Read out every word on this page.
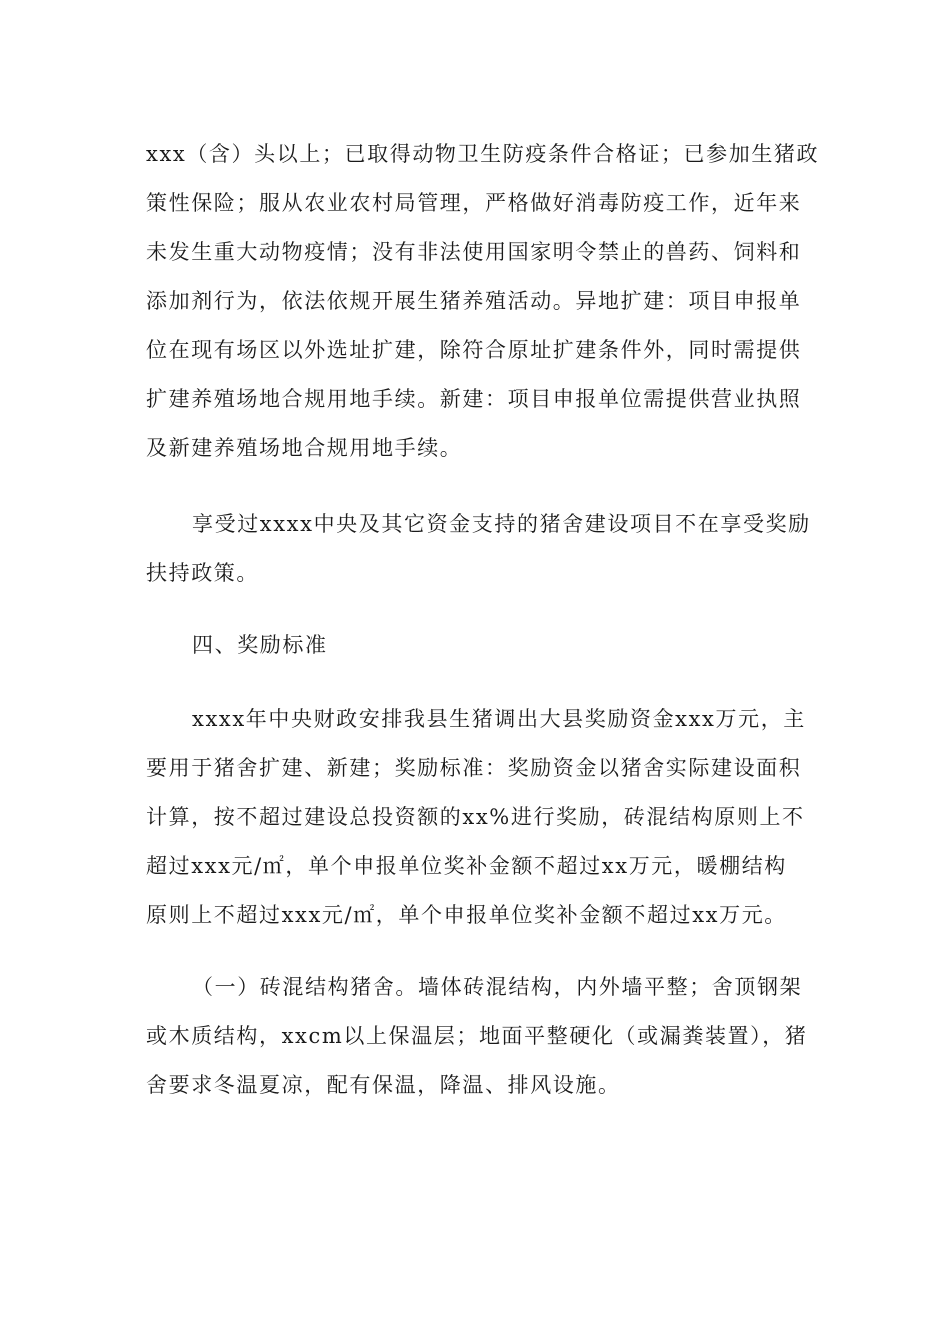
xxx（含）头以上；已取得动物卫生防疫条件合格证；已参加生猪政
策性保险；服从农业农村局管理，严格做好消毒防疫工作，近年来
未发生重大动物疫情；没有非法使用国家明令禁止的兽药、饲料和
添加剂行为，依法依规开展生猪养殖活动。异地扩建：项目申报单
位在现有场区以外选址扩建，除符合原址扩建条件外，同时需提供
扩建养殖场地合规用地手续。新建：项目申报单位需提供营业执照
及新建养殖场地合规用地手续。
享受过xxxx中央及其它资金支持的猪舍建设项目不在享受奖励
扶持政策。
四、奖励标准
xxxx年中央财政安排我县生猪调出大县奖励资金xxx万元，主
要用于猪舍扩建、新建；奖励标准：奖励资金以猪舍实际建设面积
计算，按不超过建设总投资额的xx%进行奖励，砖混结构原则上不
超过xxx元/㎡，单个申报单位奖补金额不超过xx万元，暖棚结构
原则上不超过xxx元/㎡，单个申报单位奖补金额不超过xx万元。
（一）砖混结构猪舍。墙体砖混结构，内外墙平整；舍顶钢架
或木质结构，xxcm以上保温层；地面平整硬化（或漏粪装置），猪
舍要求冬温夏凉，配有保温，降温、排风设施。
